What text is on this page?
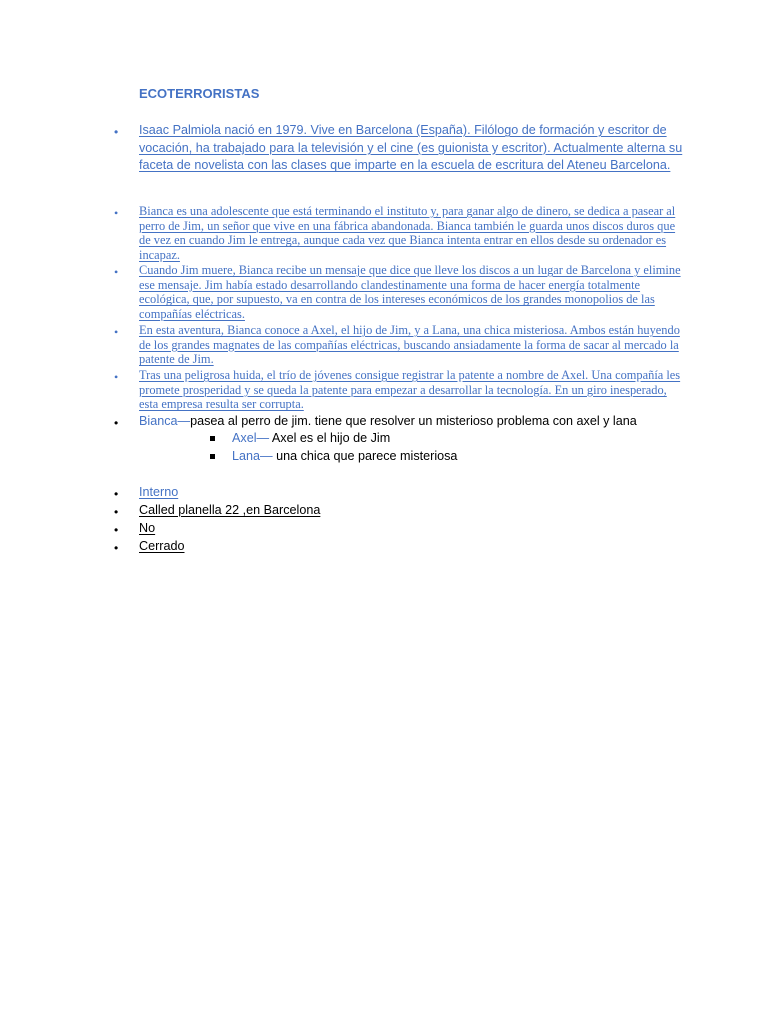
ECOTERRORISTAS
• Isaac Palmiola nació en 1979. Vive en Barcelona (España). Filólogo de formación y escritor de vocación, ha trabajado para la televisión y el cine (es guionista y escritor). Actualmente alterna su faceta de novelista con las clases que imparte en la escuela de escritura del Ateneu Barcelona.
• Bianca es una adolescente que está terminando el instituto y, para ganar algo de dinero, se dedica a pasear al perro de Jim, un señor que vive en una fábrica abandonada. Bianca también le guarda unos discos duros que de vez en cuando Jim le entrega, aunque cada vez que Bianca intenta entrar en ellos desde su ordenador es incapaz.
• Cuando Jim muere, Bianca recibe un mensaje que dice que lleve los discos a un lugar de Barcelona y elimine ese mensaje. Jim había estado desarrollando clandestinamente una forma de hacer energía totalmente ecológica, que, por supuesto, va en contra de los intereses económicos de los grandes monopolios de las compañías eléctricas.
• En esta aventura, Bianca conoce a Axel, el hijo de Jim, y a Lana, una chica misteriosa. Ambos están huyendo de los grandes magnates de las compañías eléctricas, buscando ansiadamente la forma de sacar al mercado la patente de Jim.
• Tras una peligrosa huida, el trío de jóvenes consigue registrar la patente a nombre de Axel. Una compañía les promete prosperidad y se queda la patente para empezar a desarrollar la tecnología. En un giro inesperado, esta empresa resulta ser corrupta.
• Bianca—pasea al perro de jim. tiene que resolver un misterioso problema con axel y lana
Axel— Axel es el hijo de Jim
Lana— una chica que parece misteriosa
• Interno
• Called planella 22 ,en Barcelona
• No
• Cerrado
